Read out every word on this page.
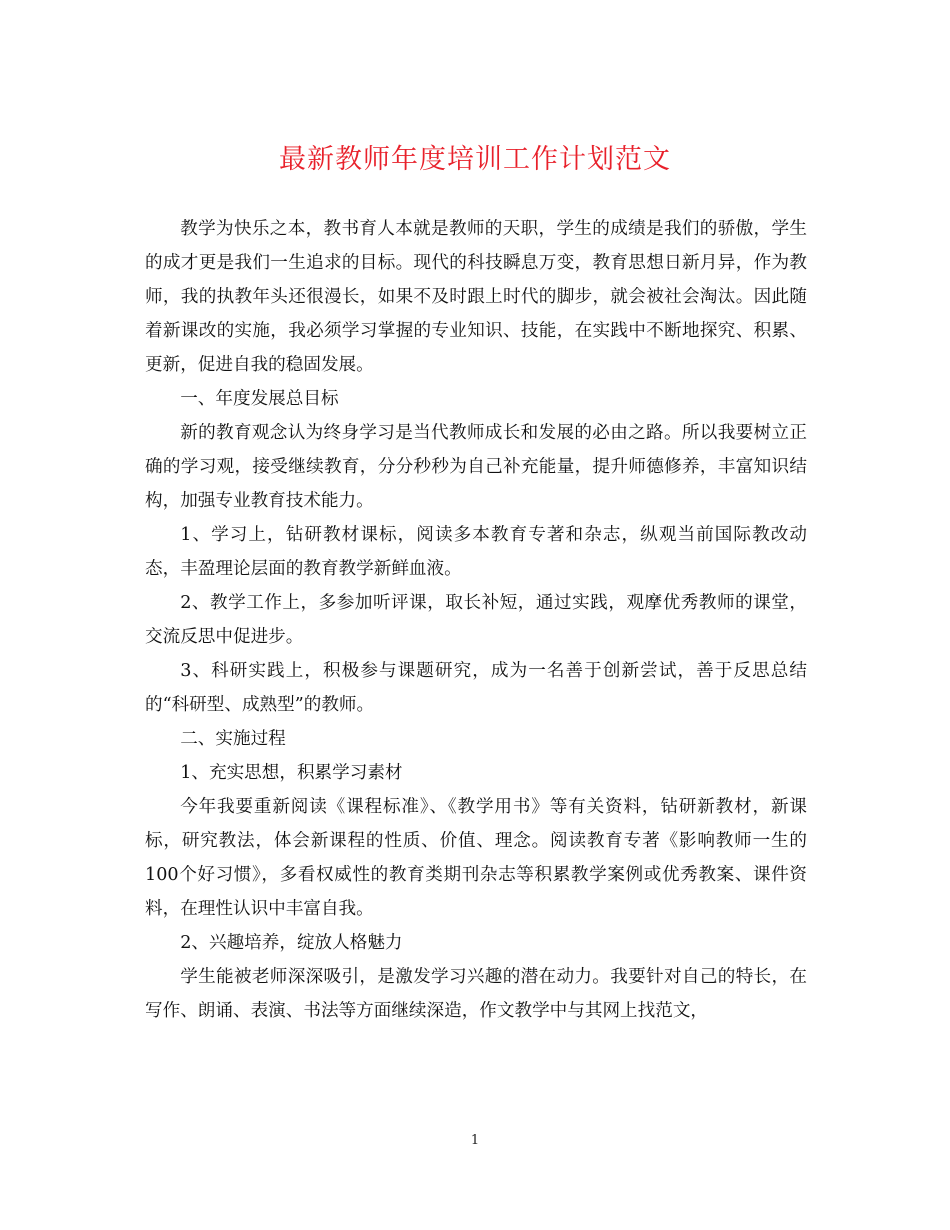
最新教师年度培训工作计划范文

教学为快乐之本，教书育人本就是教师的天职，学生的成绩是我们的骄傲，学生的成才更是我们一生追求的目标。现代的科技瞬息万变，教育思想日新月异，作为教师，我的执教年头还很漫长，如果不及时跟上时代的脚步，就会被社会淘汰。因此随着新课改的实施，我必须学习掌握的专业知识、技能，在实践中不断地探究、积累、更新，促进自我的稳固发展。

一、年度发展总目标

新的教育观念认为终身学习是当代教师成长和发展的必由之路。所以我要树立正确的学习观，接受继续教育，分分秒秒为自己补充能量，提升师德修养，丰富知识结构，加强专业教育技术能力。

1、学习上，钻研教材课标，阅读多本教育专著和杂志，纵观当前国际教改动态，丰盈理论层面的教育教学新鲜血液。

2、教学工作上，多参加听评课，取长补短，通过实践，观摩优秀教师的课堂，交流反思中促进步。

3、科研实践上，积极参与课题研究，成为一名善于创新尝试，善于反思总结的“科研型、成熟型”的教师。

二、实施过程

1、充实思想，积累学习素材

今年我要重新阅读《课程标准》、《教学用书》等有关资料，钻研新教材，新课标，研究教法，体会新课程的性质、价值、理念。阅读教育专著《影响教师一生的100个好习惯》，多看权威性的教育类期刊杂志等积累教学案例或优秀教案、课件资料，在理性认识中丰富自我。

2、兴趣培养，绽放人格魅力

学生能被老师深深吸引，是激发学习兴趣的潜在动力。我要针对自己的特长，在写作、朗诵、表演、书法等方面继续深造，作文教学中与其网上找范文，

1
